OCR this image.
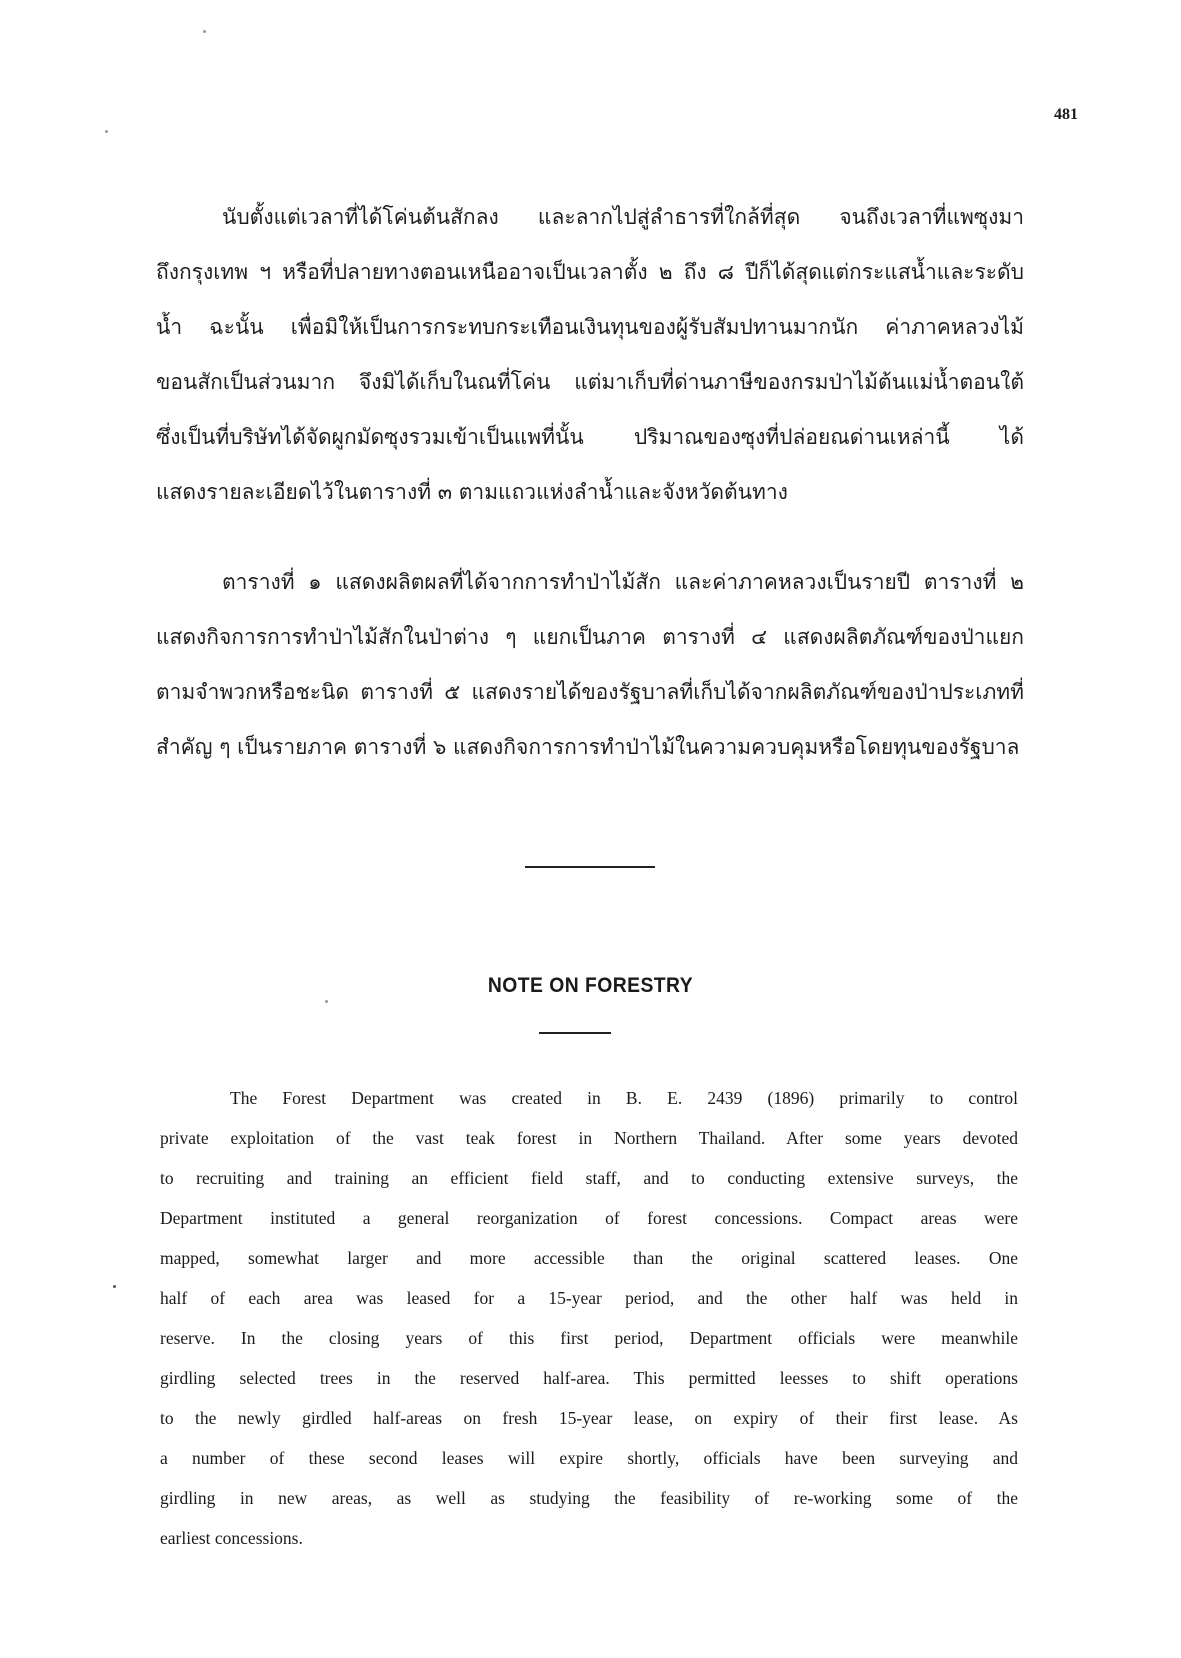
481

นับตั้งแต่เวลาที่ได้โค่นต้นสักลง และลากไปสู่ลำธารที่ใกล้ที่สุด จนถึงเวลาที่แพซุงมา

ถึงกรุงเทพ ฯ หรือที่ปลายทางตอนเหนืออาจเป็นเวลาตั้ง ๒ ถึง ๘ ปีก็ได้สุดแต่กระแสน้ำและระดับ

น้ำ ฉะนั้น เพื่อมิให้เป็นการกระทบกระเทือนเงินทุนของผู้รับสัมปทานมากนัก ค่าภาคหลวงไม้

ขอนสักเป็นส่วนมาก จึงมิได้เก็บในณที่โค่น แต่มาเก็บที่ด่านภาษีของกรมป่าไม้ต้นแม่น้ำตอนใต้

ซึ่งเป็นที่บริษัทได้จัดผูกมัดซุงรวมเข้าเป็นแพที่นั้น ปริมาณของซุงที่ปล่อยณด่านเหล่านี้ ได้

แสดงรายละเอียดไว้ในตารางที่ ๓ ตามแถวแห่งลำน้ำและจังหวัดต้นทาง

ตารางที่ ๑ แสดงผลิตผลที่ได้จากการทำป่าไม้สัก และค่าภาคหลวงเป็นรายปี ตารางที่ ๒

แสดงกิจการการทำป่าไม้สักในป่าต่าง ๆ แยกเป็นภาค ตารางที่ ๔ แสดงผลิตภัณฑ์ของป่าแยก

ตามจำพวกหรือชะนิด ตารางที่ ๕ แสดงรายได้ของรัฐบาลที่เก็บได้จากผลิตภัณฑ์ของป่าประเภทที่

สำคัญ ๆ เป็นรายภาค ตารางที่ ๖ แสดงกิจการการทำป่าไม้ในความควบคุมหรือโดยทุนของรัฐบาล

NOTE ON FORESTRY

The Forest Department was created in B. E. 2439 (1896) primarily to control

private exploitation of the vast teak forest in Northern Thailand. After some years devoted

to recruiting and training an efficient field staff, and to conducting extensive surveys, the

Department instituted a general reorganization of forest concessions. Compact areas were

mapped, somewhat larger and more accessible than the original scattered leases. One

half of each area was leased for a 15-year period, and the other half was held in

reserve. In the closing years of this first period, Department officials were meanwhile

girdling selected trees in the reserved half-area. This permitted leesses to shift operations

to the newly girdled half-areas on fresh 15-year lease, on expiry of their first lease. As

a number of these second leases will expire shortly, officials have been surveying and

girdling in new areas, as well as studying the feasibility of re-working some of the

earliest concessions.
